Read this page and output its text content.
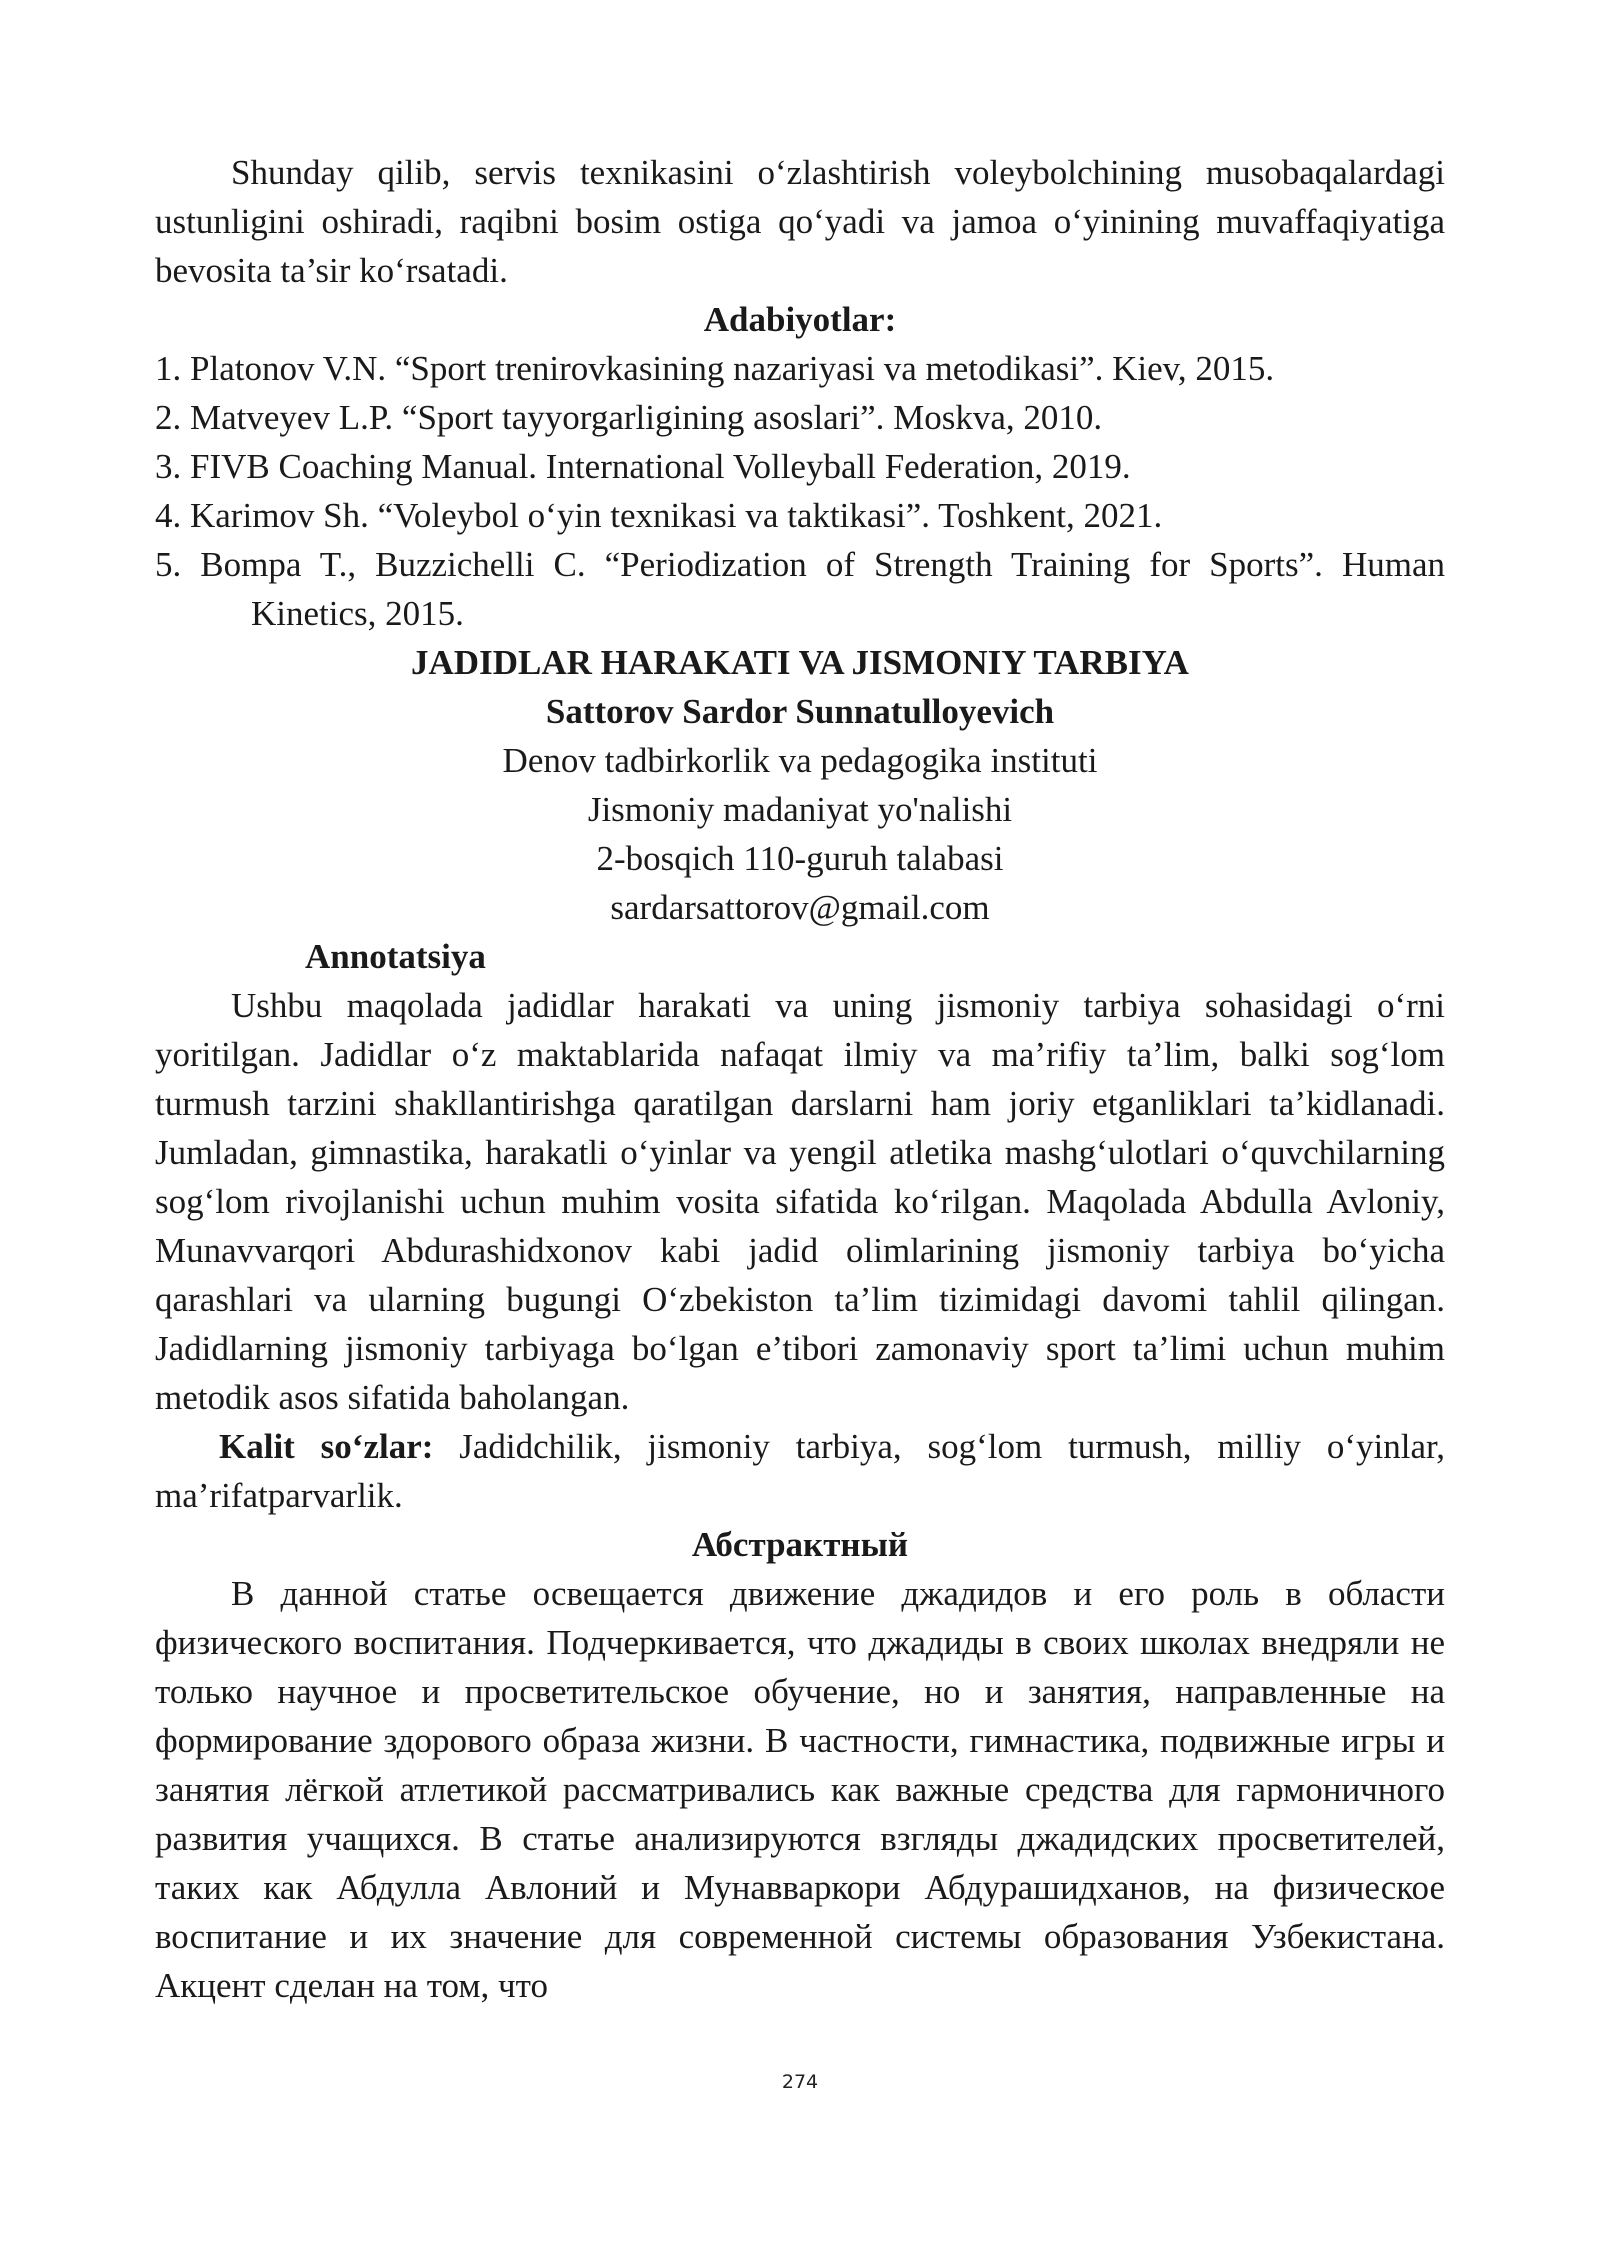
Shunday qilib, servis texnikasini o‘zlashtirish voleybolchining musobaqalardagi ustunligini oshiradi, raqibni bosim ostiga qo‘yadi va jamoa o‘yinining muvaffaqiyatiga bevosita ta’sir ko‘rsatadi.

Adabiyotlar:

1. Platonov V.N. “Sport trenirovkasining nazariyasi va metodikasi”. Kiev, 2015.
2. Matveyev L.P. “Sport tayyorgarligining asoslari”. Moskva, 2010.
3. FIVB Coaching Manual. International Volleyball Federation, 2019.
4. Karimov Sh. “Voleybol o‘yin texnikasi va taktikasi”. Toshkent, 2021.
5. Bompa T., Buzzichelli C. “Periodization of Strength Training for Sports”. Human Kinetics, 2015.

JADIDLAR HARAKATI VA JISMONIY TARBIYA

Sattorov Sardor Sunnatulloyevich

Denov tadbirkorlik va pedagogika instituti

Jismoniy madaniyat yo'nalishi

2-bosqich 110-guruh talabasi

sardarsattorov@gmail.com

Annotatsiya

Ushbu maqolada jadidlar harakati va uning jismoniy tarbiya sohasidagi o‘rni yoritilgan. Jadidlar o‘z maktablarida nafaqat ilmiy va ma’rifiy ta’lim, balki sog‘lom turmush tarzini shakllantirishga qaratilgan darslarni ham joriy etganliklari ta’kidlanadi. Jumladan, gimnastika, harakatli o‘yinlar va yengil atletika mashg‘ulotlari o‘quvchilarning sog‘lom rivojlanishi uchun muhim vosita sifatida ko‘rilgan. Maqolada Abdulla Avloniy, Munavvarqori Abdurashidxonov kabi jadid olimlarining jismoniy tarbiya bo‘yicha qarashlari va ularning bugungi O‘zbekiston ta’lim tizimidagi davomi tahlil qilingan. Jadidlarning jismoniy tarbiyaga bo‘lgan e’tibori zamonaviy sport ta’limi uchun muhim metodik asos sifatida baholangan.

Kalit so‘zlar: Jadidchilik, jismoniy tarbiya, sog‘lom turmush, milliy o‘yinlar, ma’rifatparvarlik.

Абстрактный

В данной статье освещается движение джадидов и его роль в области физического воспитания. Подчеркивается, что джадиды в своих школах внедряли не только научное и просветительское обучение, но и занятия, направленные на формирование здорового образа жизни. В частности, гимнастика, подвижные игры и занятия лёгкой атлетикой рассматривались как важные средства для гармоничного развития учащихся. В статье анализируются взгляды джадидских просветителей, таких как Абдулла Авлоний и Мунавваркори Абдурашидханов, на физическое воспитание и их значение для современной системы образования Узбекистана. Акцент сделан на том, что

274
